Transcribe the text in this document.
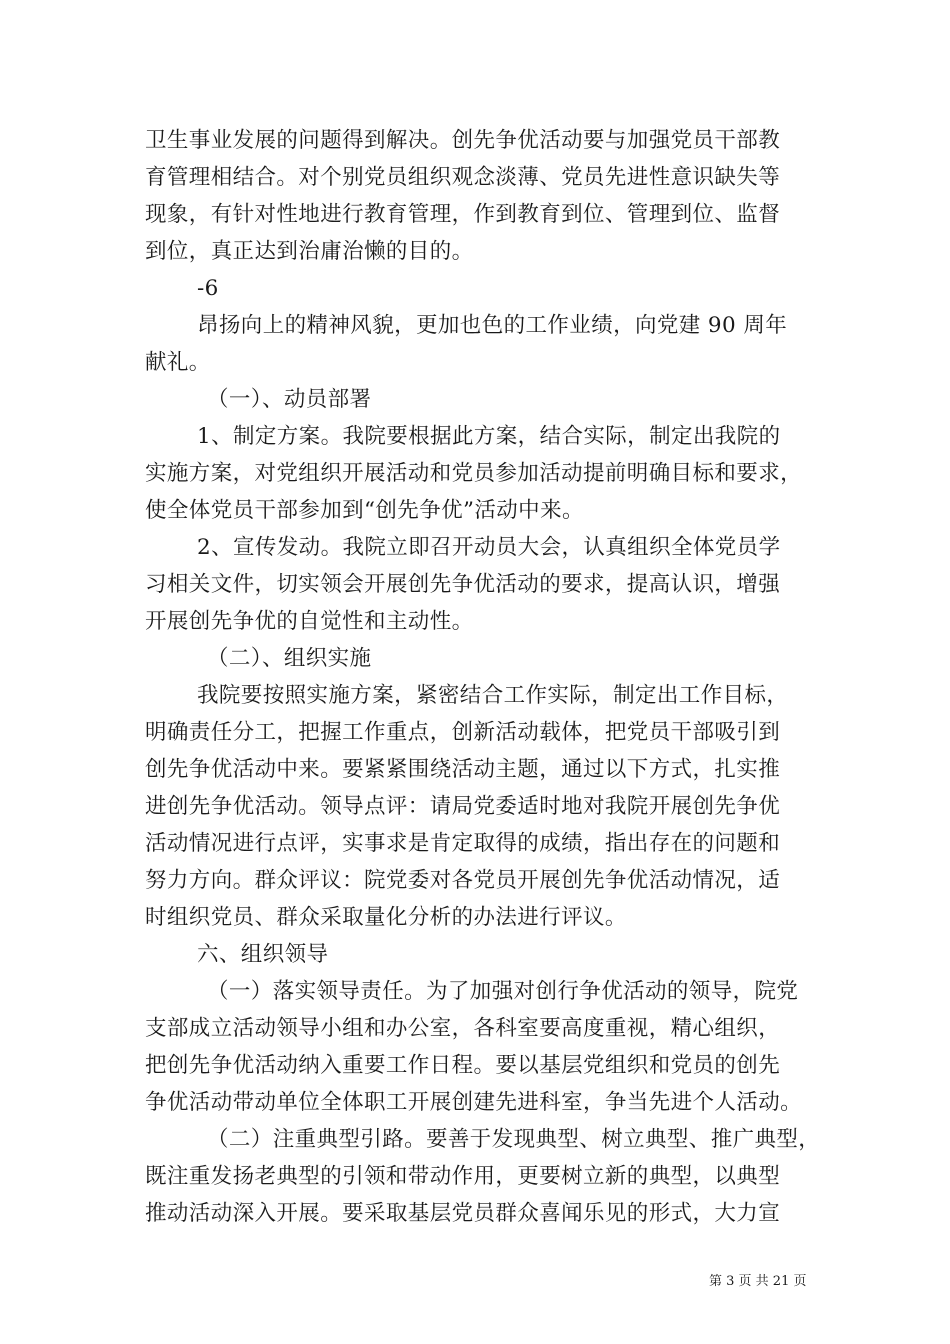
卫生事业发展的问题得到解决。创先争优活动要与加强党员干部教
育管理相结合。对个别党员组织观念淡薄、党员先进性意识缺失等
现象，有针对性地进行教育管理，作到教育到位、管理到位、监督
到位，真正达到治庸治懒的目的。
-6
昂扬向上的精神风貌，更加也色的工作业绩，向党建 90 周年
献礼。
（一）、动员部署
1、制定方案。我院要根据此方案，结合实际，制定出我院的
实施方案，对党组织开展活动和党员参加活动提前明确目标和要求，
使全体党员干部参加到“创先争优”活动中来。
2、宣传发动。我院立即召开动员大会，认真组织全体党员学
习相关文件，切实领会开展创先争优活动的要求，提高认识，增强
开展创先争优的自觉性和主动性。
（二）、组织实施
我院要按照实施方案，紧密结合工作实际，制定出工作目标，
明确责任分工，把握工作重点，创新活动载体，把党员干部吸引到
创先争优活动中来。要紧紧围绕活动主题，通过以下方式，扎实推
进创先争优活动。领导点评：请局党委适时地对我院开展创先争优
活动情况进行点评，实事求是肯定取得的成绩，指出存在的问题和
努力方向。群众评议：院党委对各党员开展创先争优活动情况，适
时组织党员、群众采取量化分析的办法进行评议。
六、组织领导
（一）落实领导责任。为了加强对创行争优活动的领导，院党
支部成立活动领导小组和办公室，各科室要高度重视，精心组织，
把创先争优活动纳入重要工作日程。要以基层党组织和党员的创先
争优活动带动单位全体职工开展创建先进科室，争当先进个人活动。
（二）注重典型引路。要善于发现典型、树立典型、推广典型，
既注重发扬老典型的引领和带动作用，更要树立新的典型，以典型
推动活动深入开展。要采取基层党员群众喜闻乐见的形式，大力宣
第 3 页 共 21 页
